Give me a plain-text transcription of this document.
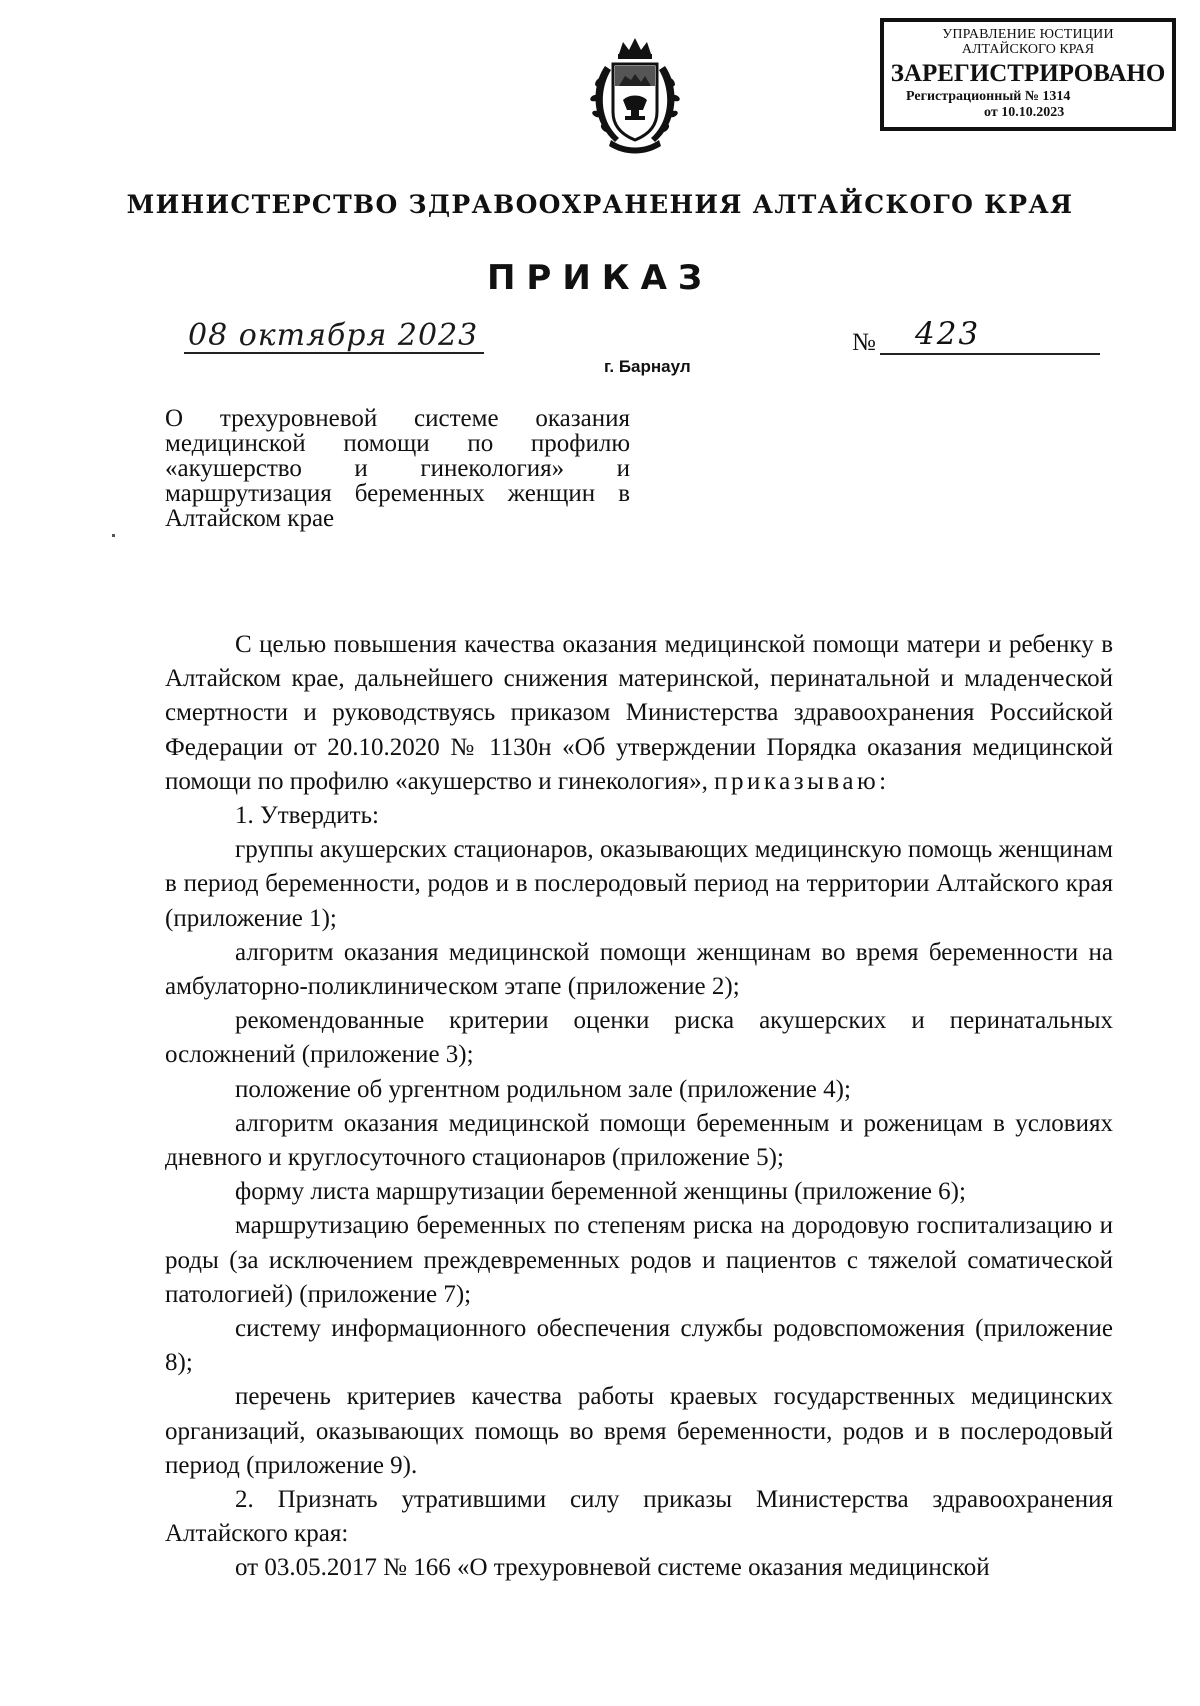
УПРАВЛЕНИЕ ЮСТИЦИИ
АЛТАЙСКОГО КРАЯ
ЗАРЕГИСТРИРОВАНО
Регистрационный № 1314
от 10.10.2023
МИНИСТЕРСТВО ЗДРАВООХРАНЕНИЯ АЛТАЙСКОГО КРАЯ
ПРИКАЗ
08 октября 2023
г. Барнаул
№ 423
О трехуровневой системе оказания медицинской помощи по профилю «акушерство и гинекология» и маршрутизация беременных женщин в Алтайском крае

С целью повышения качества оказания медицинской помощи матери и ребенку в Алтайском крае, дальнейшего снижения материнской, перинатальной и младенческой смертности и руководствуясь приказом Министерства здравоохранения Российской Федерации от 20.10.2020 № 1130н «Об утверждении Порядка оказания медицинской помощи по профилю «акушерство и гинекология», приказываю:

1. Утвердить:

группы акушерских стационаров, оказывающих медицинскую помощь женщинам в период беременности, родов и в послеродовый период на территории Алтайского края (приложение 1);

алгоритм оказания медицинской помощи женщинам во время беременности на амбулаторно-поликлиническом этапе (приложение 2);

рекомендованные критерии оценки риска акушерских и перинатальных осложнений (приложение 3);

положение об ургентном родильном зале (приложение 4);

алгоритм оказания медицинской помощи беременным и роженицам в условиях дневного и круглосуточного стационаров (приложение 5);

форму листа маршрутизации беременной женщины (приложение 6);

маршрутизацию беременных по степеням риска на дородовую госпитализацию и роды (за исключением преждевременных родов и пациентов с тяжелой соматической патологией) (приложение 7);

систему информационного обеспечения службы родовспоможения (приложение 8);

перечень критериев качества работы краевых государственных медицинских организаций, оказывающих помощь во время беременности, родов и в послеродовый период (приложение 9).

2. Признать утратившими силу приказы Министерства здравоохранения Алтайского края:

от 03.05.2017 № 166 «О трехуровневой системе оказания медицинской
